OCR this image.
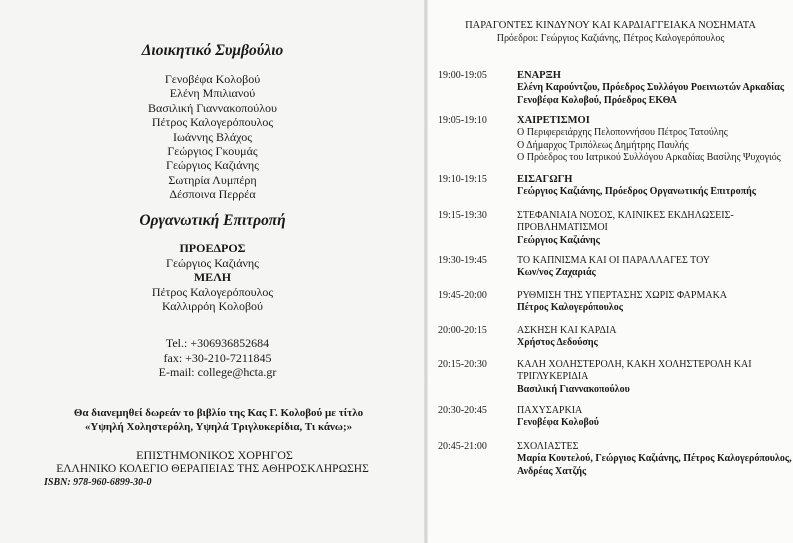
Διοικητικό Συμβούλιο
Γενοβέφα Κολοβού
Ελένη Μπιλιανού
Βασιλική Γιαννακοπούλου
Πέτρος Καλογερόπουλος
Ιωάννης Βλάχος
Γεώργιος Γκουμάς
Γεώργιος Καζιάνης
Σωτηρία Λυμπέρη
Δέσποινα Περρέα
Οργανωτική Επιτροπή
ΠΡΟΕΔΡΟΣ
Γεώργιος Καζιάνης
ΜΕΛΗ
Πέτρος Καλογερόπουλος
Καλλιρρόη Κολοβού
Tel.: +306936852684
fax: +30-210-7211845
E-mail: college@hcta.gr
Θα διανεμηθεί δωρεάν το βιβλίο της Κας Γ. Κολοβού με τίτλο
«Υψηλή Χοληστερόλη, Υψηλά Τριγλυκερίδια, Τι κάνω;»
ΕΠΙΣΤΗΜΟΝΙΚΟΣ ΧΟΡΗΓΟΣ
ΕΛΛΗΝΙΚΟ ΚΟΛΕΓΙΟ ΘΕΡΑΠΕΙΑΣ ΤΗΣ ΑΘΗΡΟΣΚΛΗΡΩΣΗΣ
ISBN: 978-960-6899-30-0
ΠΑΡΑΓΟΝΤΕΣ ΚΙΝΔΥΝΟΥ ΚΑΙ ΚΑΡΔΙΑΓΓΕΙΑΚΑ ΝΟΣΗΜΑΤΑ
Πρόεδροι: Γεώργιος Καζιάνης, Πέτρος Καλογερόπουλος
19:00-19:05	ΕΝΑΡΞΗ
Ελένη Καρούντζου, Πρόεδρος Συλλόγου Ροεινιωτών Αρκαδίας
Γενοβέφα Κολοβού, Πρόεδρος ΕΚΘΑ
19:05-19:10	ΧΑΙΡΕΤΙΣΜΟΙ
Ο Περιφερειάρχης Πελοποννήσου Πέτρος Τατούλης
Ο Δήμαρχος Τριπόλεως Δημήτρης Παυλής
Ο Πρόεδρος του Ιατρικού Συλλόγου Αρκαδίας Βασίλης Ψυχογιός
19:10-19:15	ΕΙΣΑΓΩΓΗ
Γεώργιος Καζιάνης, Πρόεδρος Οργανωτικής Επιτροπής
19:15-19:30	ΣΤΕΦΑΝΙΑΙΑ ΝΟΣΟΣ, ΚΛΙΝΙΚΕΣ ΕΚΔΗΛΩΣΕΙΣ-
ΠΡΟΒΛΗΜΑΤΙΣΜΟΙ
Γεώργιος Καζιάνης
19:30-19:45	ΤΟ ΚΑΠΝΙΣΜΑ ΚΑΙ ΟΙ ΠΑΡΑΛΛΑΓΕΣ ΤΟΥ
Κων/νος Ζαχαριάς
19:45-20:00	ΡΥΘΜΙΣΗ ΤΗΣ ΥΠΕΡΤΑΣΗΣ ΧΩΡΙΣ ΦΑΡΜΑΚΑ
Πέτρος Καλογερόπουλος
20:00-20:15	ΑΣΚΗΣΗ ΚΑΙ ΚΑΡΔΙΑ
Χρήστος Δεδούσης
20:15-20:30	ΚΑΛΗ ΧΟΛΗΣΤΕΡΟΛΗ, ΚΑΚΗ ΧΟΛΗΣΤΕΡΟΛΗ ΚΑΙ
ΤΡΙΓΛΥΚΕΡΙΔΙΑ
Βασιλική Γιαννακοπούλου
20:30-20:45	ΠΑΧΥΣΑΡΚΙΑ
Γενοβέφα Κολοβού
20:45-21:00	ΣΧΟΛΙΑΣΤΕΣ
Μαρία Κουτελού, Γεώργιος Καζιάνης, Πέτρος Καλογερόπουλος,
Ανδρέας Χατζής
